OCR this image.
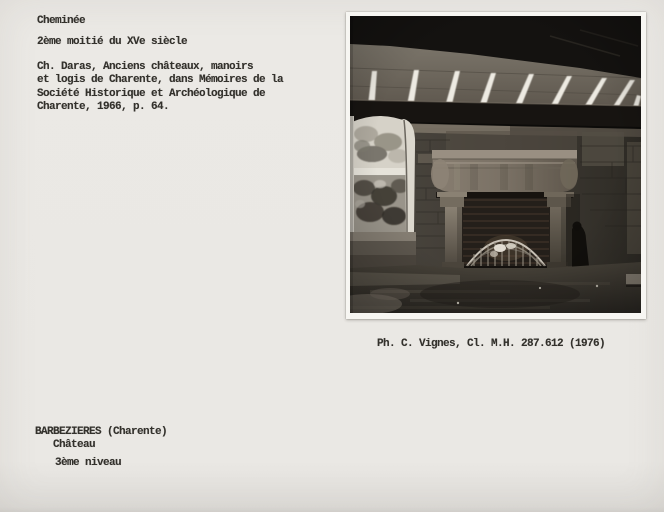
Cheminée
2ème moitié du XVe siècle
Ch. Daras, Anciens châteaux, manoirs
et logis de Charente, dans Mémoires de la
Société Historique et Archéologique de
Charente, 1966, p. 64.
Ph. C. Vignes, Cl. M.H. 287.612 (1976)
BARBEZIERES (Charente)
Château
3ème niveau
